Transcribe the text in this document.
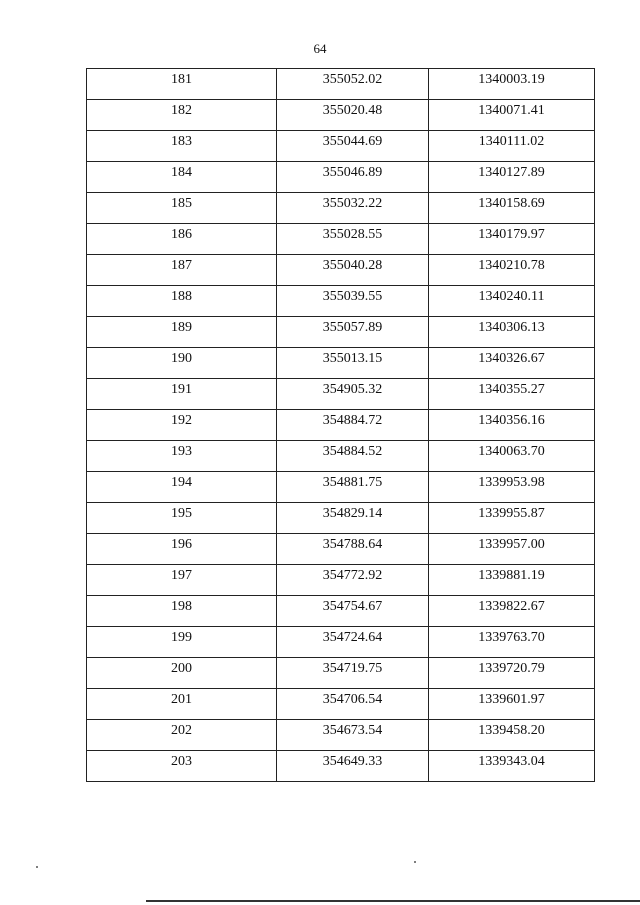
64
181	355052.02	1340003.19
182	355020.48	1340071.41
183	355044.69	1340111.02
184	355046.89	1340127.89
185	355032.22	1340158.69
186	355028.55	1340179.97
187	355040.28	1340210.78
188	355039.55	1340240.11
189	355057.89	1340306.13
190	355013.15	1340326.67
191	354905.32	1340355.27
192	354884.72	1340356.16
193	354884.52	1340063.70
194	354881.75	1339953.98
195	354829.14	1339955.87
196	354788.64	1339957.00
197	354772.92	1339881.19
198	354754.67	1339822.67
199	354724.64	1339763.70
200	354719.75	1339720.79
201	354706.54	1339601.97
202	354673.54	1339458.20
203	354649.33	1339343.04
